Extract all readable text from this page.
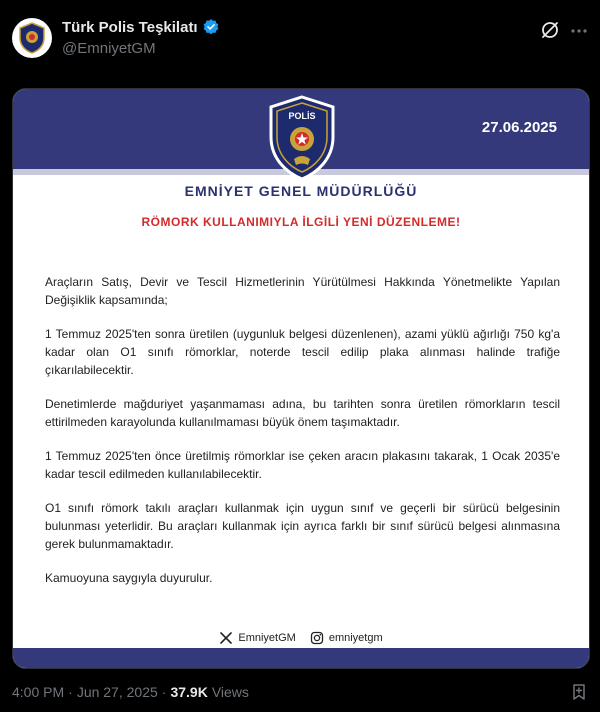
Türk Polis Teşkilatı
@EmniyetGM
POLİS
27.06.2025
EMNİYET GENEL MÜDÜRLÜĞÜ
RÖMORK KULLANIMIYLA İLGİLİ YENİ DÜZENLEME!

Araçların Satış, Devir ve Tescil Hizmetlerinin Yürütülmesi Hakkında Yönetmelikte Yapılan Değişiklik kapsamında;

1 Temmuz 2025'ten sonra üretilen (uygunluk belgesi düzenlenen), azami yüklü ağırlığı 750 kg'a kadar olan O1 sınıfı römorklar, noterde tescil edilip plaka alınması halinde trafiğe çıkarılabilecektir.

Denetimlerde mağduriyet yaşanmaması adına, bu tarihten sonra üretilen römorkların tescil ettirilmeden karayolunda kullanılmaması büyük önem taşımaktadır.

1 Temmuz 2025'ten önce üretilmiş römorklar ise çeken aracın plakasını takarak, 1 Ocak 2035'e kadar tescil edilmeden kullanılabilecektir.

O1 sınıfı römork takılı araçları kullanmak için uygun sınıf ve geçerli bir sürücü belgesinin bulunması yeterlidir. Bu araçları kullanmak için ayrıca farklı bir sınıf sürücü belgesi alınmasına gerek bulunmamaktadır.

Kamuoyuna saygıyla duyurulur.

EmniyetGM	emniyetgm
4:00 PM · Jun 27, 2025 · 37.9K Views
